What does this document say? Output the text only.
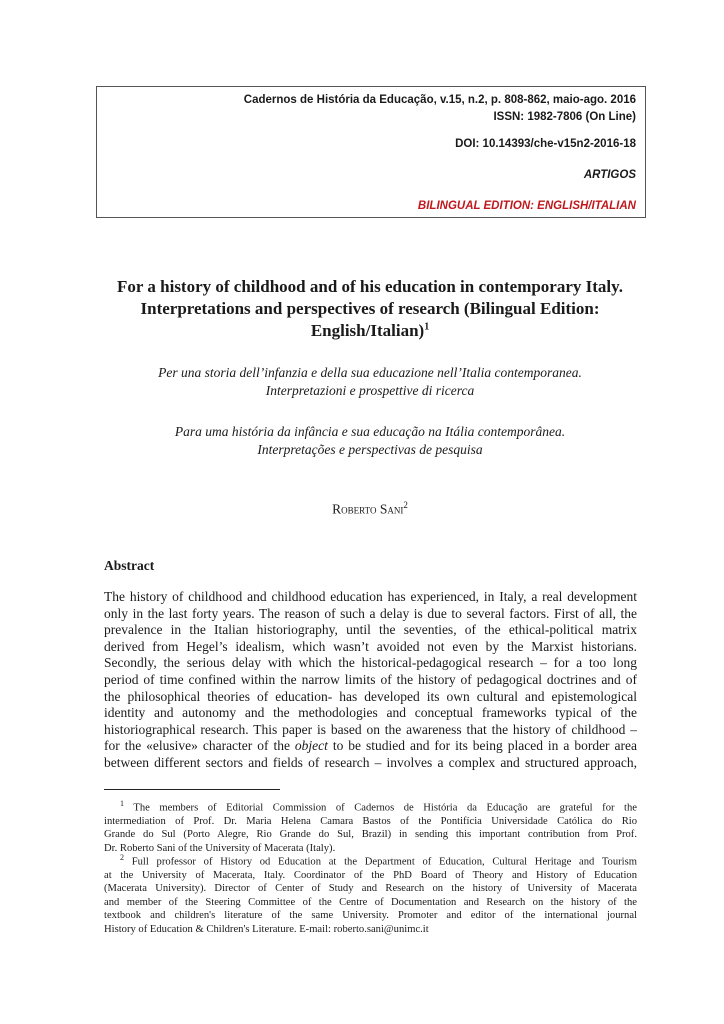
Cadernos de História da Educação, v.15, n.2, p. 808-862, maio-ago. 2016
ISSN: 1982-7806 (On Line)
DOI: 10.14393/che-v15n2-2016-18
ARTIGOS
BILINGUAL EDITION: ENGLISH/ITALIAN
For a history of childhood and of his education in contemporary Italy.
Interpretations and perspectives of research (Bilingual Edition:
English/Italian)$^1$
Per una storia dell’infanzia e della sua educazione nell’Italia contemporanea.
Interpretazioni e prospettive di ricerca
Para uma história da infância e sua educação na Itália contemporânea.
Interpretações e perspectivas de pesquisa
Roberto Sani$^2$
Abstract
The history of childhood and childhood education has experienced, in Italy, a real development
only in the last forty years. The reason of such a delay is due to several factors. First of all, the
prevalence in the Italian historiography, until the seventies, of the ethical-political matrix
derived from Hegel’s idealism, which wasn’t avoided not even by the Marxist historians.
Secondly, the serious delay with which the historical-pedagogical research – for a too long
period of time confined within the narrow limits of the history of pedagogical doctrines and of
the philosophical theories of education- has developed its own cultural and epistemological
identity and autonomy and the methodologies and conceptual frameworks typical of the
historiographical research. This paper is based on the awareness that the history of childhood –
for the «elusive» character of the object to be studied and for its being placed in a border area
between different sectors and fields of research – involves a complex and structured approach,
$^1$ The members of Editorial Commission of Cadernos de História da Educação are grateful for the
intermediation of Prof. Dr. Maria Helena Camara Bastos of the Pontifícia Universidade Católica do Rio
Grande do Sul (Porto Alegre, Rio Grande do Sul, Brazil) in sending this important contribution from Prof.
Dr. Roberto Sani of the University of Macerata (Italy).
$^2$ Full professor of History od Education at the Department of Education, Cultural Heritage and Tourism
at the University of Macerata, Italy. Coordinator of the PhD Board of Theory and History of Education
(Macerata University). Director of Center of Study and Research on the history of University of Macerata
and member of the Steering Committee of the Centre of Documentation and Research on the history of the
textbook and children's literature of the same University. Promoter and editor of the international journal
History of Education & Children's Literature. E-mail: roberto.sani@unimc.it
